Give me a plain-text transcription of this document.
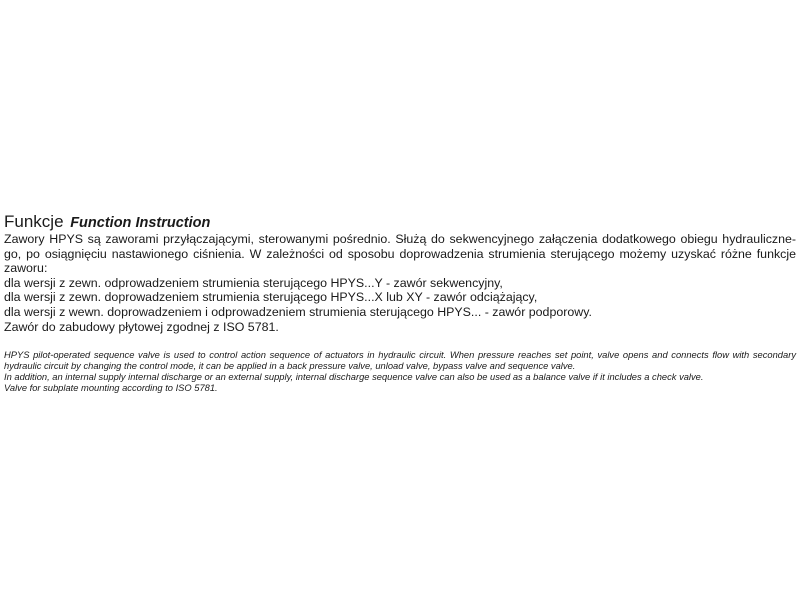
Funkcje Function Instruction

Zawory HPYS są zaworami przyłączającymi, sterowanymi pośrednio. Służą do sekwencyjnego załączenia dodatkowego obiegu hydrauliczne-go, po osiągnięciu nastawionego ciśnienia. W zależności od sposobu doprowadzenia strumienia sterującego możemy uzyskać różne funkcje zaworu:

dla wersji z zewn. odprowadzeniem strumienia sterującego HPYS...Y - zawór sekwencyjny,

dla wersji z zewn. doprowadzeniem strumienia sterującego HPYS...X lub XY - zawór odciążający,

dla wersji z wewn. doprowadzeniem i odprowadzeniem strumienia sterującego HPYS... - zawór podporowy.

Zawór do zabudowy płytowej zgodnej z ISO 5781.

HPYS pilot-operated sequence valve is used to control action sequence of actuators in hydraulic circuit. When pressure reaches set point, valve opens and connects flow with secondary hydraulic circuit by changing the control mode, it can be applied in a back pressure valve, unload valve, bypass valve and sequence valve.

In addition, an internal supply internal discharge or an external supply, internal discharge sequence valve can also be used as a balance valve if it includes a check valve.

Valve for subplate mounting according to ISO 5781.
